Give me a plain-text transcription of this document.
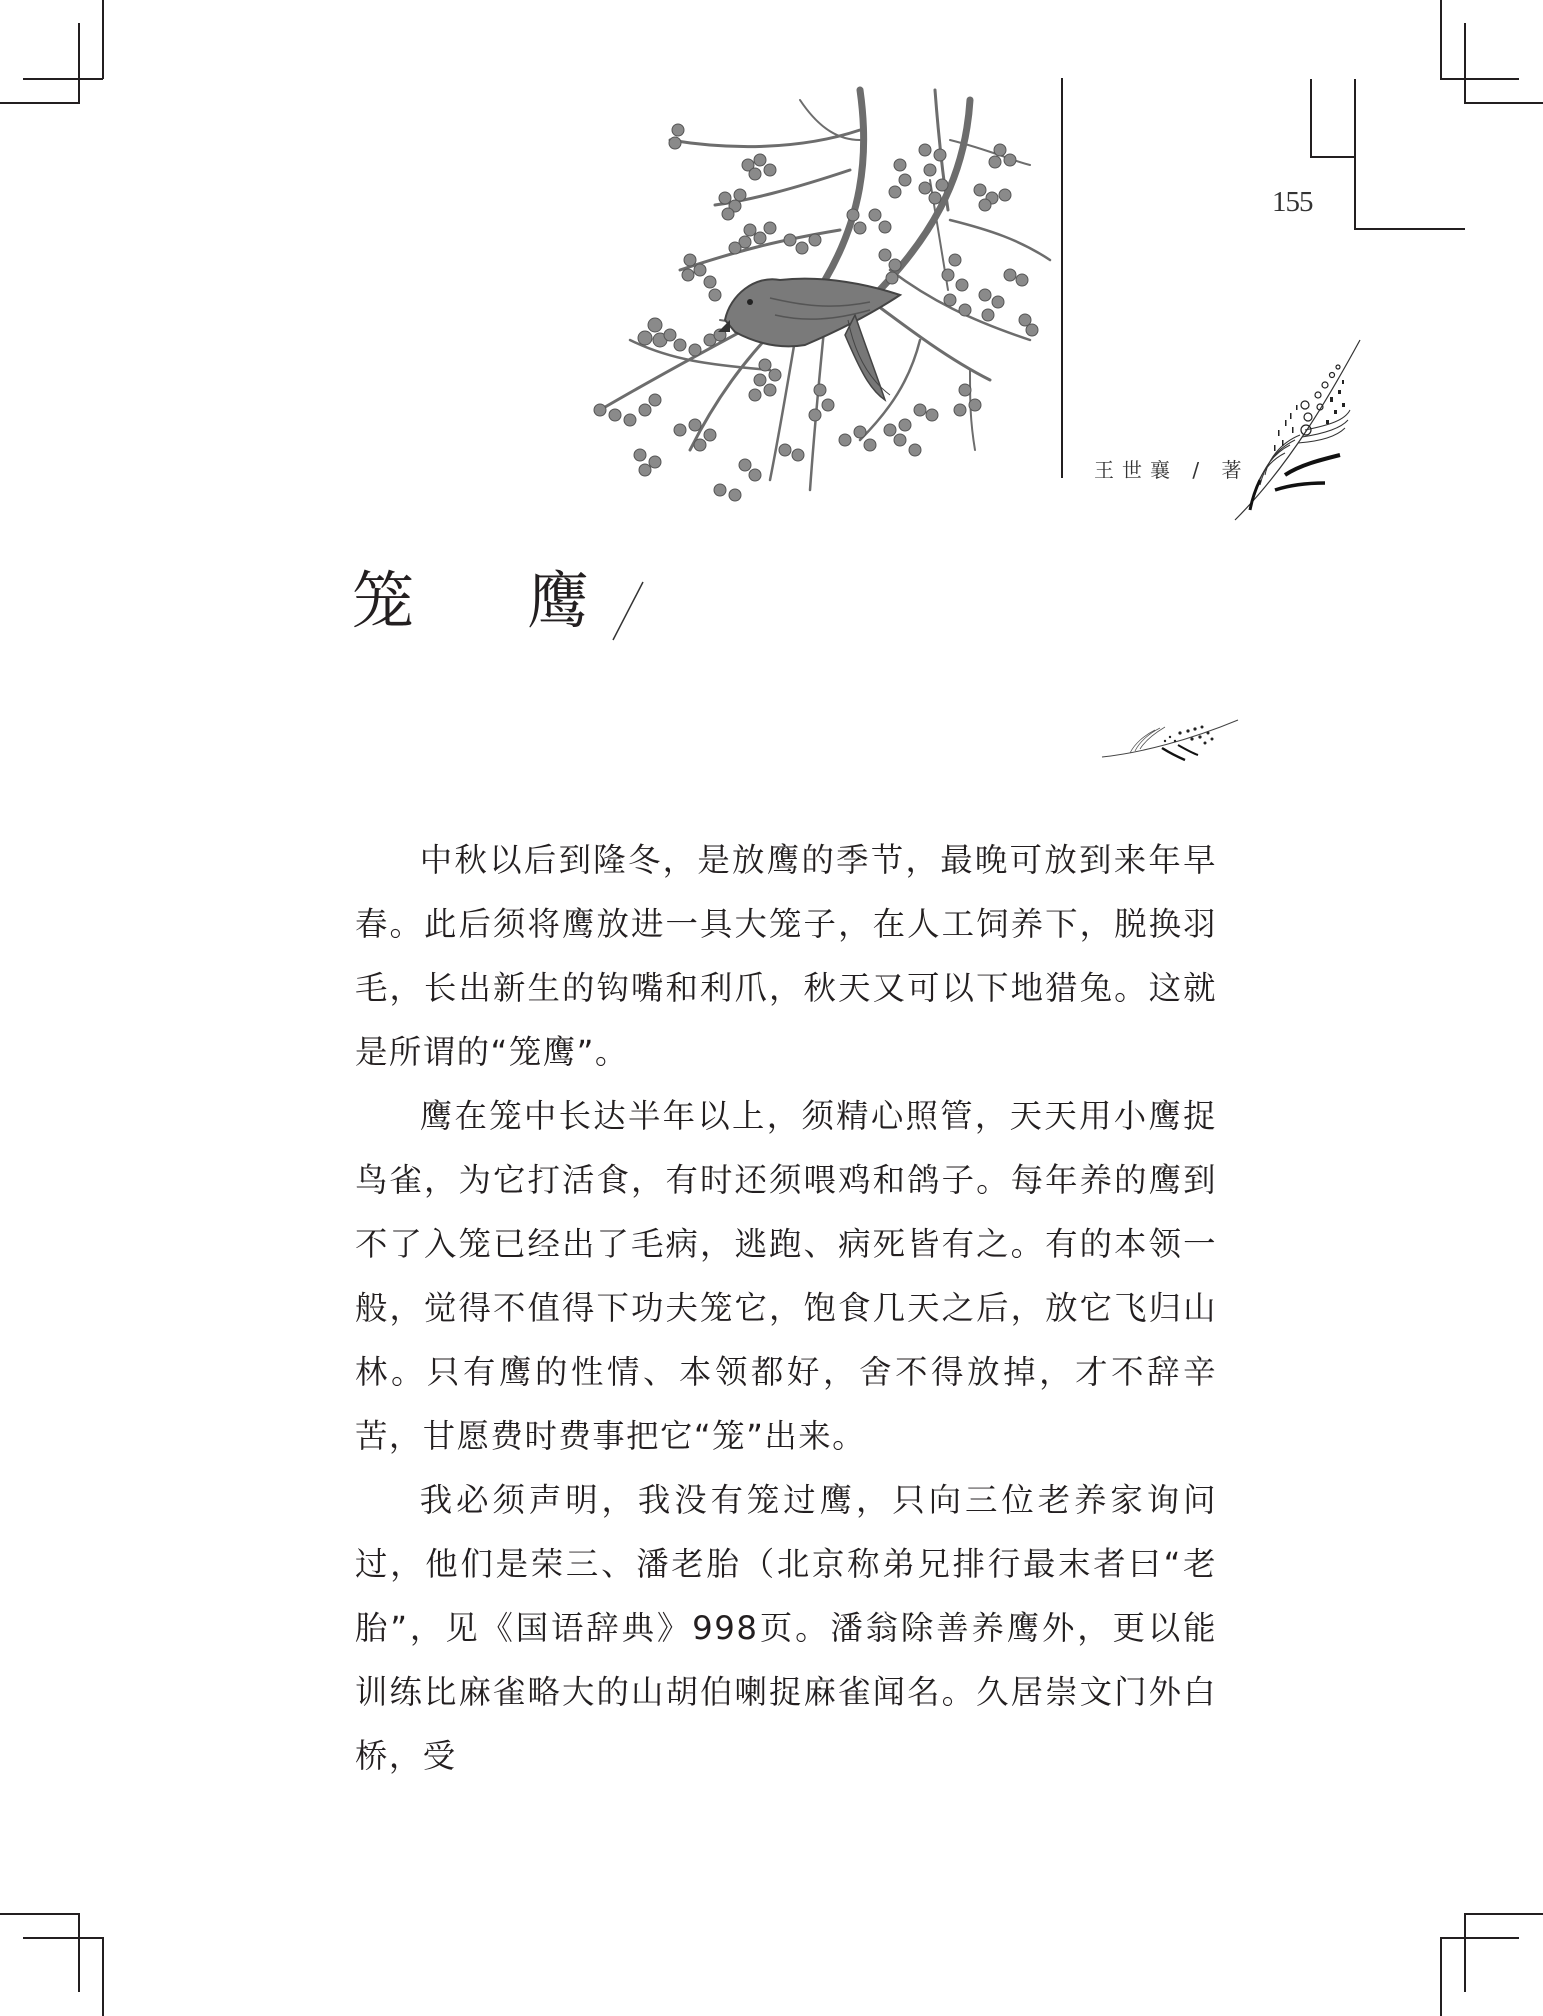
155
王世襄 / 著
笼 鹰

中秋以后到隆冬，是放鹰的季节，最晚可放到来年早春。此后须将鹰放进一具大笼子，在人工饲养下，脱换羽毛，长出新生的钩嘴和利爪，秋天又可以下地猎兔。这就是所谓的“笼鹰”。

鹰在笼中长达半年以上，须精心照管，天天用小鹰捉鸟雀，为它打活食，有时还须喂鸡和鸽子。每年养的鹰到不了入笼已经出了毛病，逃跑、病死皆有之。有的本领一般，觉得不值得下功夫笼它，饱食几天之后，放它飞归山林。只有鹰的性情、本领都好，舍不得放掉，才不辞辛苦，甘愿费时费事把它“笼”出来。

我必须声明，我没有笼过鹰，只向三位老养家询问过，他们是荣三、潘老胎（北京称弟兄排行最末者曰“老胎”，见《国语辞典》998页。潘翁除善养鹰外，更以能训练比麻雀略大的山胡伯喇捉麻雀闻名。久居崇文门外白桥，受
